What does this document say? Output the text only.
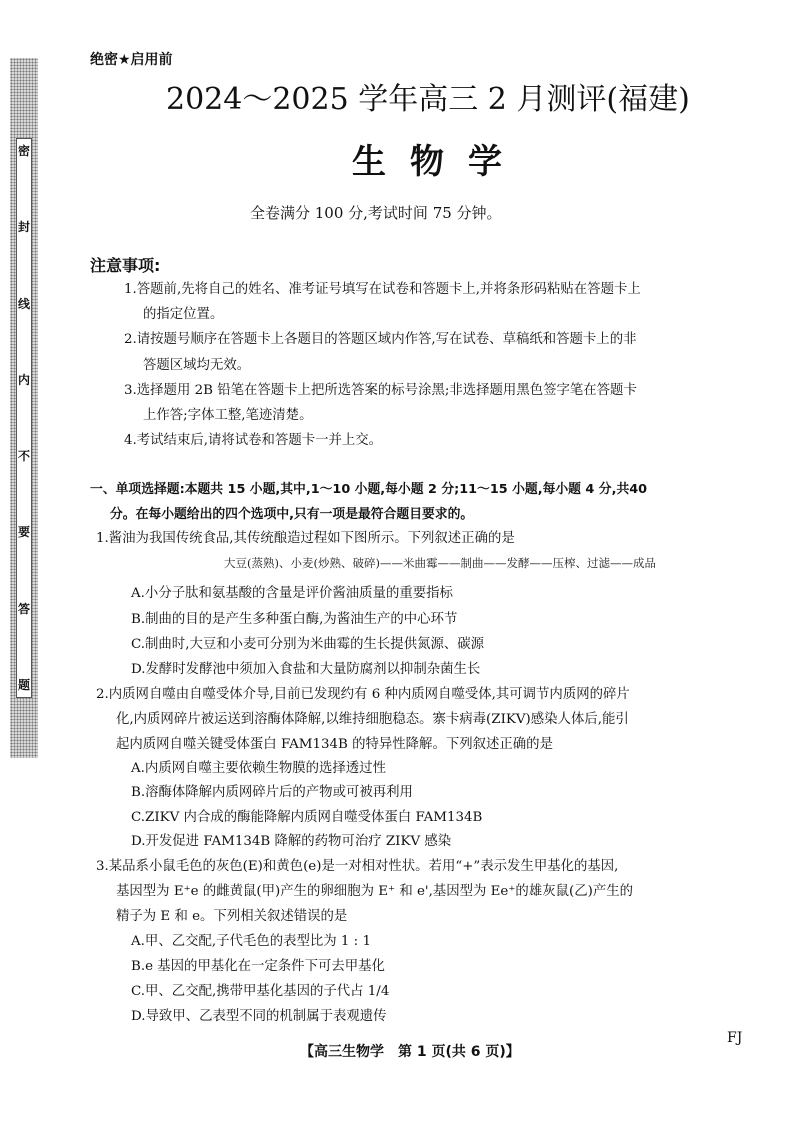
密
封
线
内
不
要
答
题
绝密★启用前
2024～2025 学年高三 2 月测评(福建)
生物学
全卷满分 100 分,考试时间 75 分钟。
注意事项:
1.答题前,先将自己的姓名、准考证号填写在试卷和答题卡上,并将条形码粘贴在答题卡上
的指定位置。
2.请按题号顺序在答题卡上各题目的答题区域内作答,写在试卷、草稿纸和答题卡上的非
答题区域均无效。
3.选择题用 2B 铅笔在答题卡上把所选答案的标号涂黑;非选择题用黑色签字笔在答题卡
上作答;字体工整,笔迹清楚。
4.考试结束后,请将试卷和答题卡一并上交。
一、单项选择题:本题共 15 小题,其中,1～10 小题,每小题 2 分;11～15 小题,每小题 4 分,共40
分。在每小题给出的四个选项中,只有一项是最符合题目要求的。
1.酱油为我国传统食品,其传统酿造过程如下图所示。下列叙述正确的是
大豆(蒸熟)、小麦(炒熟、破碎)——米曲霉——制曲——发酵——压榨、过滤——成品
A.小分子肽和氨基酸的含量是评价酱油质量的重要指标
B.制曲的目的是产生多种蛋白酶,为酱油生产的中心环节
C.制曲时,大豆和小麦可分别为米曲霉的生长提供氮源、碳源
D.发酵时发酵池中须加入食盐和大量防腐剂以抑制杂菌生长
2.内质网自噬由自噬受体介导,目前已发现约有 6 种内质网自噬受体,其可调节内质网的碎片
化,内质网碎片被运送到溶酶体降解,以维持细胞稳态。寨卡病毒(ZIKV)感染人体后,能引
起内质网自噬关键受体蛋白 FAM134B 的特异性降解。下列叙述正确的是
A.内质网自噬主要依赖生物膜的选择透过性
B.溶酶体降解内质网碎片后的产物或可被再利用
C.ZIKV 内合成的酶能降解内质网自噬受体蛋白 FAM134B
D.开发促进 FAM134B 降解的药物可治疗 ZIKV 感染
3.某品系小鼠毛色的灰色(E)和黄色(e)是一对相对性状。若用“+”表示发生甲基化的基因,
基因型为 E⁺e 的雌黄鼠(甲)产生的卵细胞为 E⁺ 和 e',基因型为 Ee⁺的雄灰鼠(乙)产生的
精子为 E 和 e。下列相关叙述错误的是
A.甲、乙交配,子代毛色的表型比为 1 : 1
B.e 基因的甲基化在一定条件下可去甲基化
C.甲、乙交配,携带甲基化基因的子代占 1/4
D.导致甲、乙表型不同的机制属于表观遗传
【高三生物学　第 1 页(共 6 页)】
FJ
